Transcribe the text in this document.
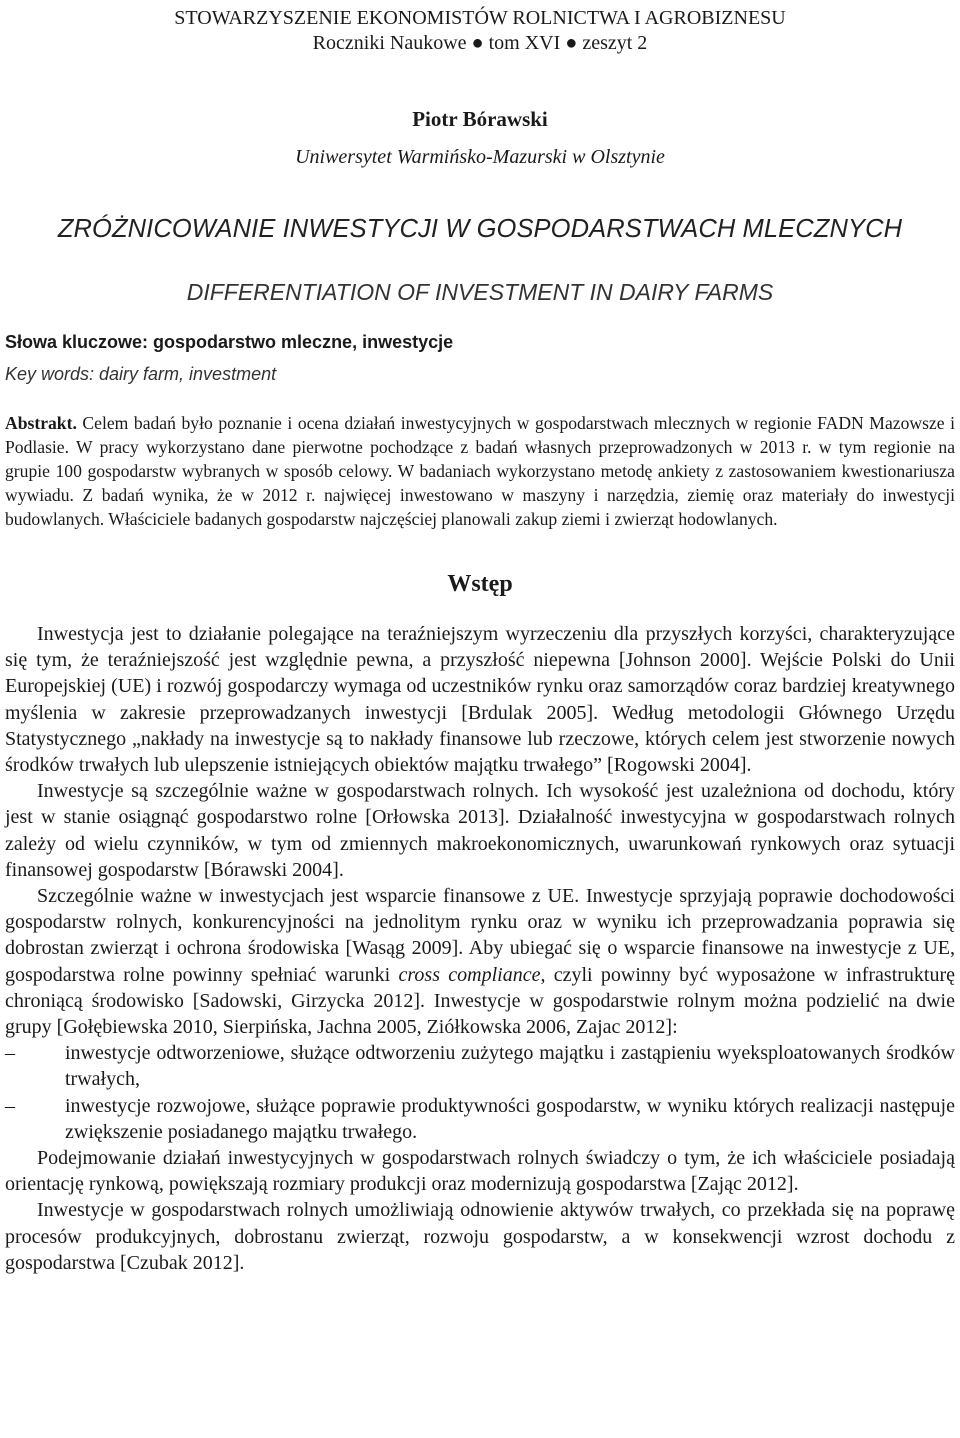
STOWARZYSZENIE EKONOMISTÓW ROLNICTWA I AGROBIZNESU
Roczniki Naukowe ● tom XVI ● zeszyt 2
Piotr Bórawski
Uniwersytet Warmińsko-Mazurski w Olsztynie
ZRÓŻNICOWANIE INWESTYCJI W GOSPODARSTWACH MLECZNYCH
DIFFERENTIATION OF INVESTMENT IN DAIRY FARMS
Słowa kluczowe: gospodarstwo mleczne, inwestycje
Key words: dairy farm, investment
Abstrakt. Celem badań było poznanie i ocena działań inwestycyjnych w gospodarstwach mlecznych w regionie FADN Mazowsze i Podlasie. W pracy wykorzystano dane pierwotne pochodzące z badań własnych przeprowadzonych w 2013 r. w tym regionie na grupie 100 gospodarstw wybranych w sposób celowy. W badaniach wykorzystano metodę ankiety z zastosowaniem kwestionariusza wywiadu. Z badań wynika, że w 2012 r. najwięcej inwestowano w maszyny i narzędzia, ziemię oraz materiały do inwestycji budowlanych. Właściciele badanych gospodarstw najczęściej planowali zakup ziemi i zwierząt hodowlanych.
Wstęp

Inwestycja jest to działanie polegające na teraźniejszym wyrzeczeniu dla przyszłych korzyści, charakteryzujące się tym, że teraźniejszość jest względnie pewna, a przyszłość niepewna [Johnson 2000]. Wejście Polski do Unii Europejskiej (UE) i rozwój gospodarczy wymaga od uczestników rynku oraz samorządów coraz bardziej kreatywnego myślenia w zakresie przeprowadzanych inwestycji [Brdulak 2005]. Według metodologii Głównego Urzędu Statystycznego „nakłady na inwestycje są to nakłady finansowe lub rzeczowe, których celem jest stworzenie nowych środków trwałych lub ulepszenie istniejących obiektów majątku trwałego” [Rogowski 2004].

Inwestycje są szczególnie ważne w gospodarstwach rolnych. Ich wysokość jest uzależniona od dochodu, który jest w stanie osiągnąć gospodarstwo rolne [Orłowska 2013]. Działalność inwestycyjna w gospodarstwach rolnych zależy od wielu czynników, w tym od zmiennych makroekonomicznych, uwarunkowań rynkowych oraz sytuacji finansowej gospodarstw [Bórawski 2004].

Szczególnie ważne w inwestycjach jest wsparcie finansowe z UE. Inwestycje sprzyjają poprawie dochodowości gospodarstw rolnych, konkurencyjności na jednolitym rynku oraz w wyniku ich przeprowadzania poprawia się dobrostan zwierząt i ochrona środowiska [Wasąg 2009]. Aby ubiegać się o wsparcie finansowe na inwestycje z UE, gospodarstwa rolne powinny spełniać warunki cross compliance, czyli powinny być wyposażone w infrastrukturę chroniącą środowisko [Sadowski, Girzycka 2012]. Inwestycje w gospodarstwie rolnym można podzielić na dwie grupy [Gołębiewska 2010, Sierpińska, Jachna 2005, Ziółkowska 2006, Zajac 2012]:

–	inwestycje odtworzeniowe, służące odtworzeniu zużytego majątku i zastąpieniu wyeksploatowanych środków trwałych,
–	inwestycje rozwojowe, służące poprawie produktywności gospodarstw, w wyniku których realizacji następuje zwiększenie posiadanego majątku trwałego.

Podejmowanie działań inwestycyjnych w gospodarstwach rolnych świadczy o tym, że ich właściciele posiadają orientację rynkową, powiększają rozmiary produkcji oraz modernizują gospodarstwa [Zając 2012].

Inwestycje w gospodarstwach rolnych umożliwiają odnowienie aktywów trwałych, co przekłada się na poprawę procesów produkcyjnych, dobrostanu zwierząt, rozwoju gospodarstw, a w konsekwencji wzrost dochodu z gospodarstwa [Czubak 2012].
